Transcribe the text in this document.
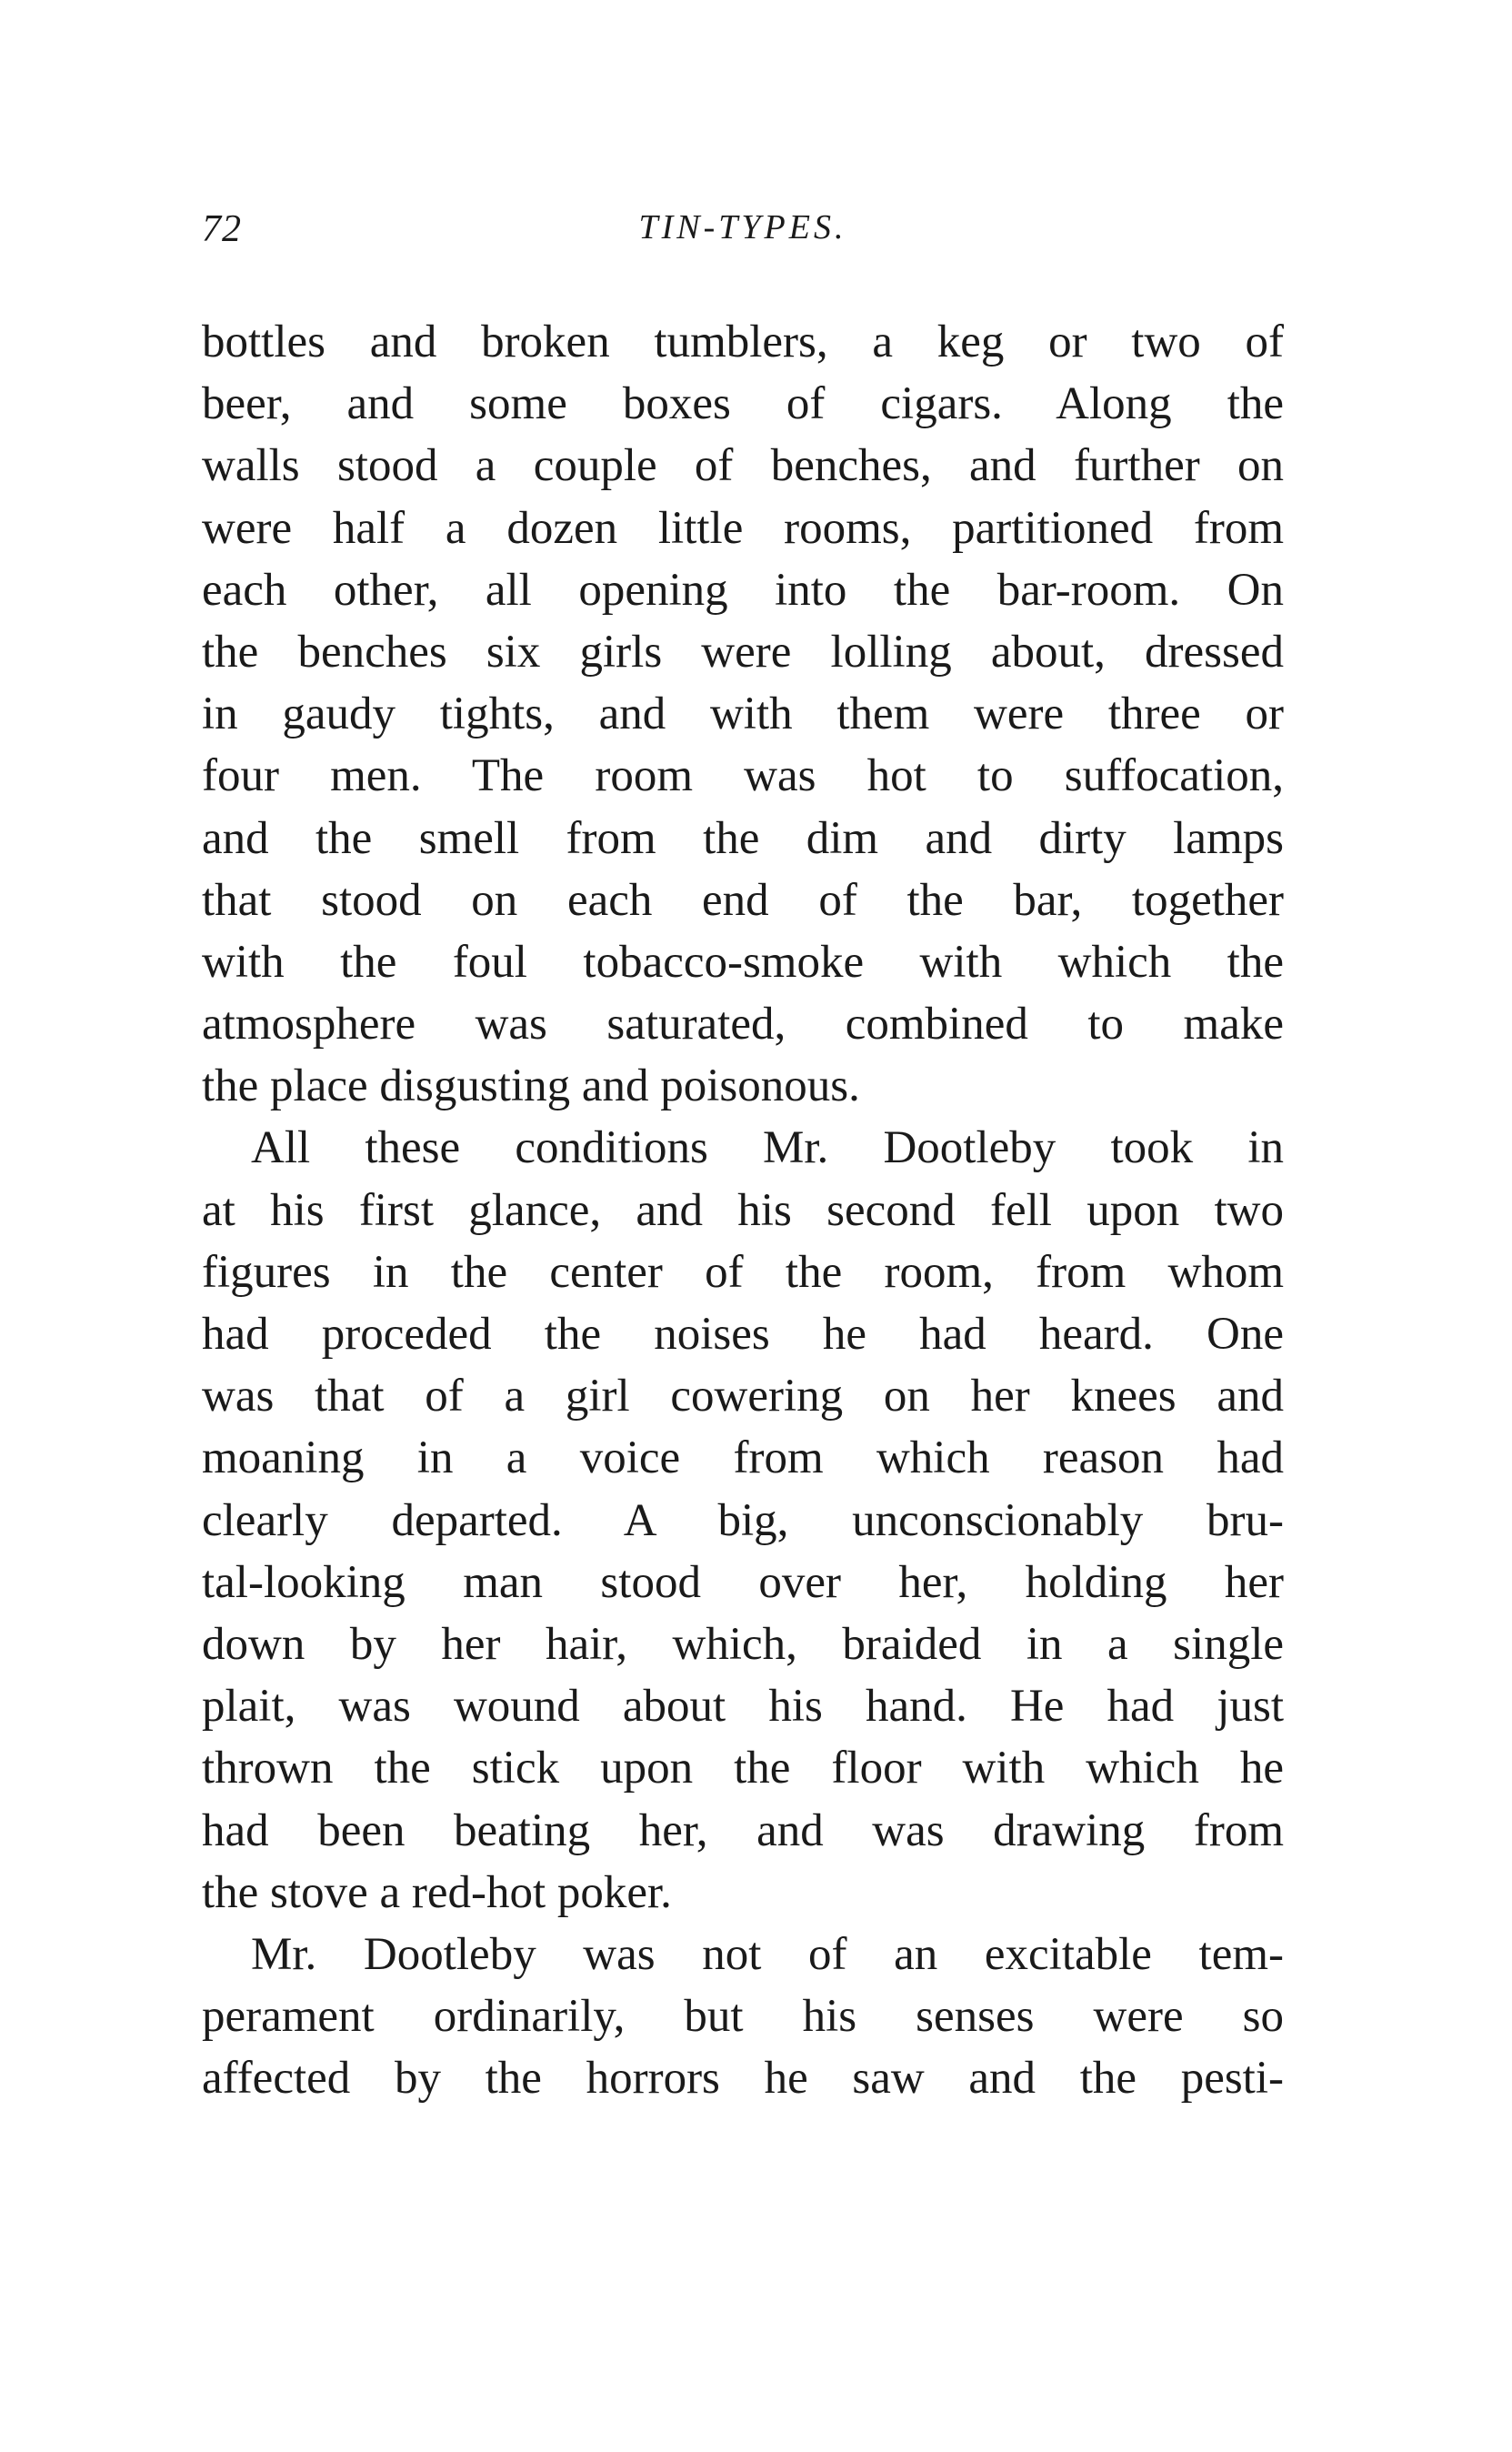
72	TIN-TYPES.
bottles and broken tumblers, a keg or two of
beer, and some boxes of cigars. Along the
walls stood a couple of benches, and further on
were half a dozen little rooms, partitioned from
each other, all opening into the bar-room. On
the benches six girls were lolling about, dressed
in gaudy tights, and with them were three or
four men. The room was hot to suffocation,
and the smell from the dim and dirty lamps
that stood on each end of the bar, together
with the foul tobacco-smoke with which the
atmosphere was saturated, combined to make
the place disgusting and poisonous.
All these conditions Mr. Dootleby took in
at his first glance, and his second fell upon two
figures in the center of the room, from whom
had proceded the noises he had heard. One
was that of a girl cowering on her knees and
moaning in a voice from which reason had
clearly departed. A big, unconscionably bru-
tal-looking man stood over her, holding her
down by her hair, which, braided in a single
plait, was wound about his hand. He had just
thrown the stick upon the floor with which he
had been beating her, and was drawing from
the stove a red-hot poker.
Mr. Dootleby was not of an excitable tem-
perament ordinarily, but his senses were so
affected by the horrors he saw and the pesti-
